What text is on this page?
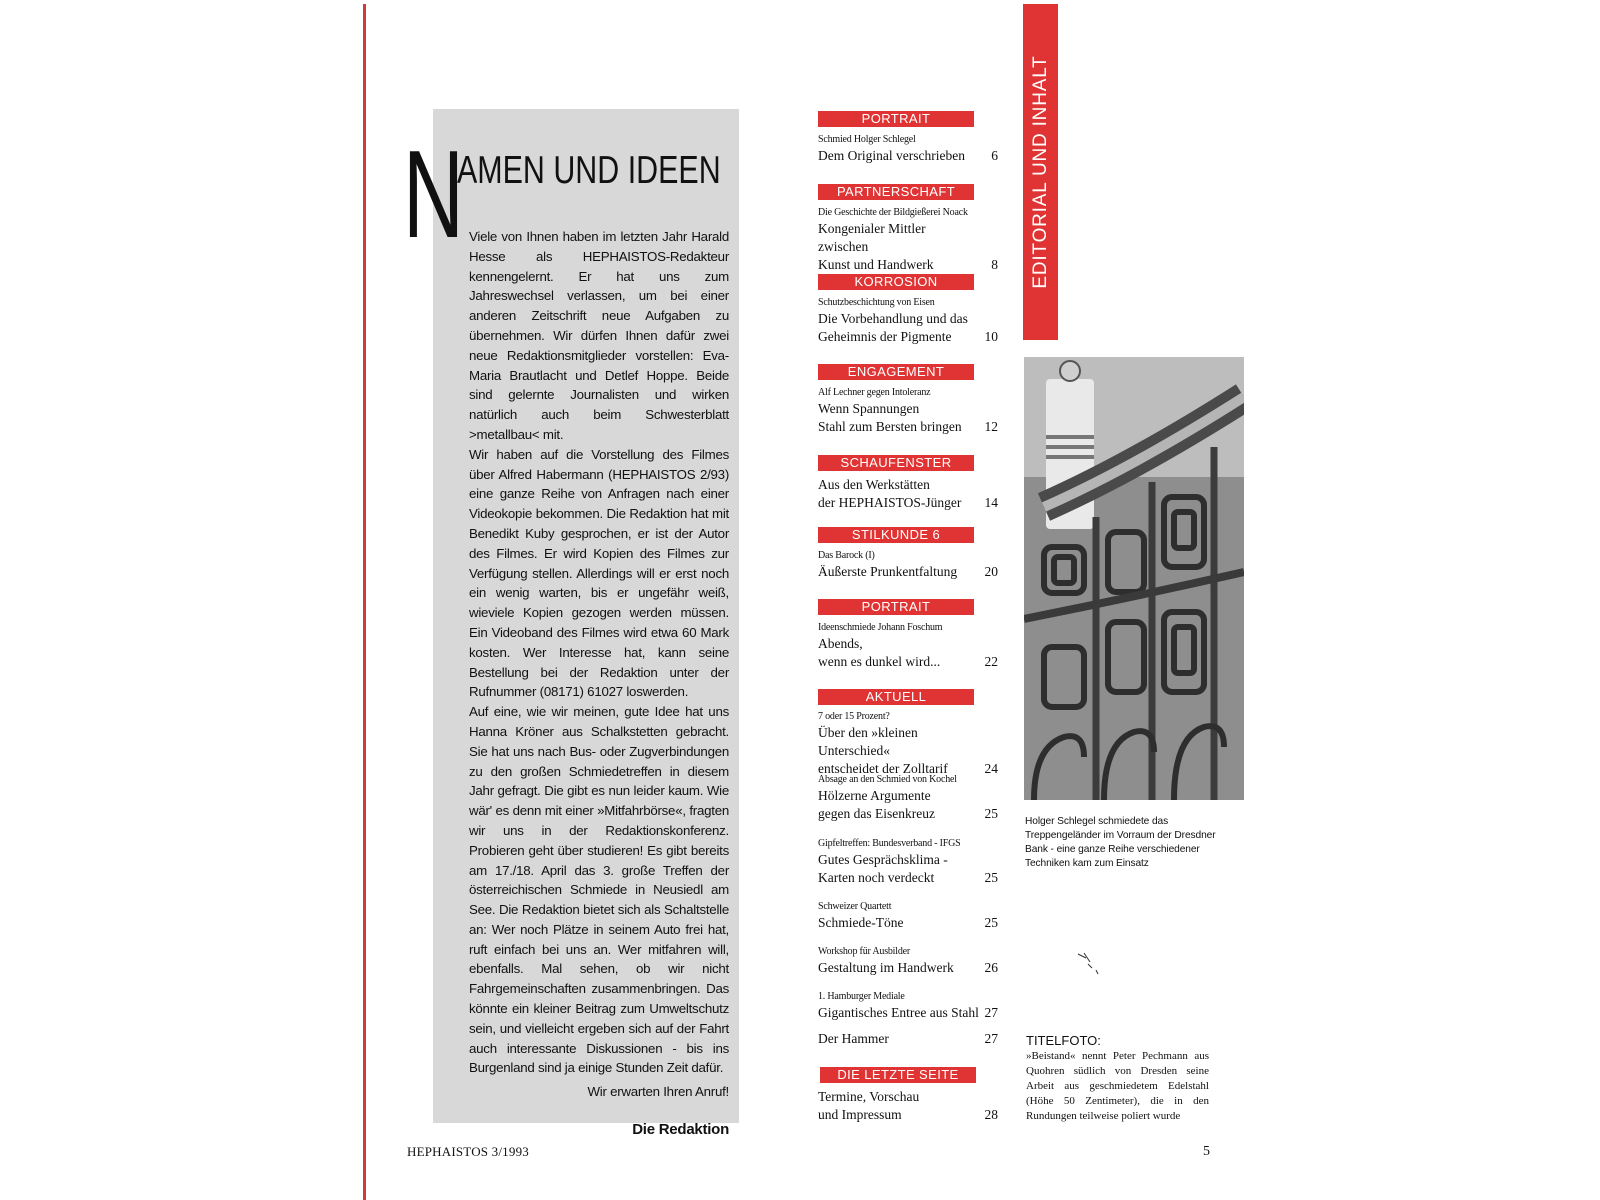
N
AMEN UND IDEEN

Viele von Ihnen haben im letzten Jahr Harald Hesse als HEPHAISTOS-Redakteur kennengelernt. Er hat uns zum Jahreswechsel verlassen, um bei einer anderen Zeitschrift neue Aufgaben zu übernehmen. Wir dürfen Ihnen dafür zwei neue Redaktionsmitglieder vorstellen: Eva-Maria Brautlacht und Detlef Hoppe. Beide sind gelernte Journalisten und wirken natürlich auch beim Schwesterblatt >metallbau< mit.

Wir haben auf die Vorstellung des Filmes über Alfred Habermann (HEPHAISTOS 2/93) eine ganze Reihe von Anfragen nach einer Videokopie bekommen. Die Redaktion hat mit Benedikt Kuby gesprochen, er ist der Autor des Filmes. Er wird Kopien des Filmes zur Verfügung stellen. Allerdings will er erst noch ein wenig warten, bis er ungefähr weiß, wieviele Kopien gezogen werden müssen. Ein Videoband des Filmes wird etwa 60 Mark kosten. Wer Interesse hat, kann seine Bestellung bei der Redaktion unter der Rufnummer (08171) 61027 loswerden.

Auf eine, wie wir meinen, gute Idee hat uns Hanna Kröner aus Schalkstetten gebracht. Sie hat uns nach Bus- oder Zugverbindungen zu den großen Schmiedetreffen in diesem Jahr gefragt. Die gibt es nun leider kaum. Wie wär' es denn mit einer »Mitfahrbörse«, fragten wir uns in der Redaktionskonferenz. Probieren geht über studieren! Es gibt bereits am 17./18. April das 3. große Treffen der österreichischen Schmiede in Neusiedl am See. Die Redaktion bietet sich als Schaltstelle an: Wer noch Plätze in seinem Auto frei hat, ruft einfach bei uns an. Wer mitfahren will, ebenfalls. Mal sehen, ob wir nicht Fahrgemeinschaften zusammenbringen. Das könnte ein kleiner Beitrag zum Umweltschutz sein, und vielleicht ergeben sich auf der Fahrt auch interessante Diskussionen - bis ins Burgenland sind ja einige Stunden Zeit dafür.

Wir erwarten Ihren Anruf!

Die Redaktion

PORTRAIT
Schmied Holger Schlegel
Dem Original verschrieben	6
PARTNERSCHAFT
Die Geschichte der Bildgießerei Noack
Kongenialer Mittler zwischen
Kunst und Handwerk	8
KORROSION
Schutzbeschichtung von Eisen
Die Vorbehandlung und das
Geheimnis der Pigmente	10
ENGAGEMENT
Alf Lechner gegen Intoleranz
Wenn Spannungen
Stahl zum Bersten bringen	12
SCHAUFENSTER
Aus den Werkstätten
der HEPHAISTOS-Jünger	14
STILKUNDE 6
Das Barock (I)
Äußerste Prunkentfaltung	20
PORTRAIT
Ideenschmiede Johann Foschum
Abends,
wenn es dunkel wird...	22
AKTUELL
7 oder 15 Prozent?
Über den »kleinen Unterschied«
entscheidet der Zolltarif	24
Absage an den Schmied von Kochel
Hölzerne Argumente
gegen das Eisenkreuz	25
Gipfeltreffen: Bundesverband - IFGS
Gutes Gesprächsklima -
Karten noch verdeckt	25
Schweizer Quartett
Schmiede-Töne	25
Workshop für Ausbilder
Gestaltung im Handwerk	26
1. Hamburger Mediale
Gigantisches Entree aus Stahl 27
Der Hammer	27
DIE LETZTE SEITE
Termine, Vorschau
und Impressum	28
EDITORIAL UND INHALT
Holger Schlegel schmiedete das Treppengeländer im Vorraum der Dresdner Bank - eine ganze Reihe verschiedener Techniken kam zum Einsatz
TITELFOTO:
»Beistand« nennt Peter Pechmann aus Quohren südlich von Dresden seine Arbeit aus geschmiedetem Edelstahl (Höhe 50 Zentimeter), die in den Rundungen teilweise poliert wurde
HEPHAISTOS 3/1993	5
